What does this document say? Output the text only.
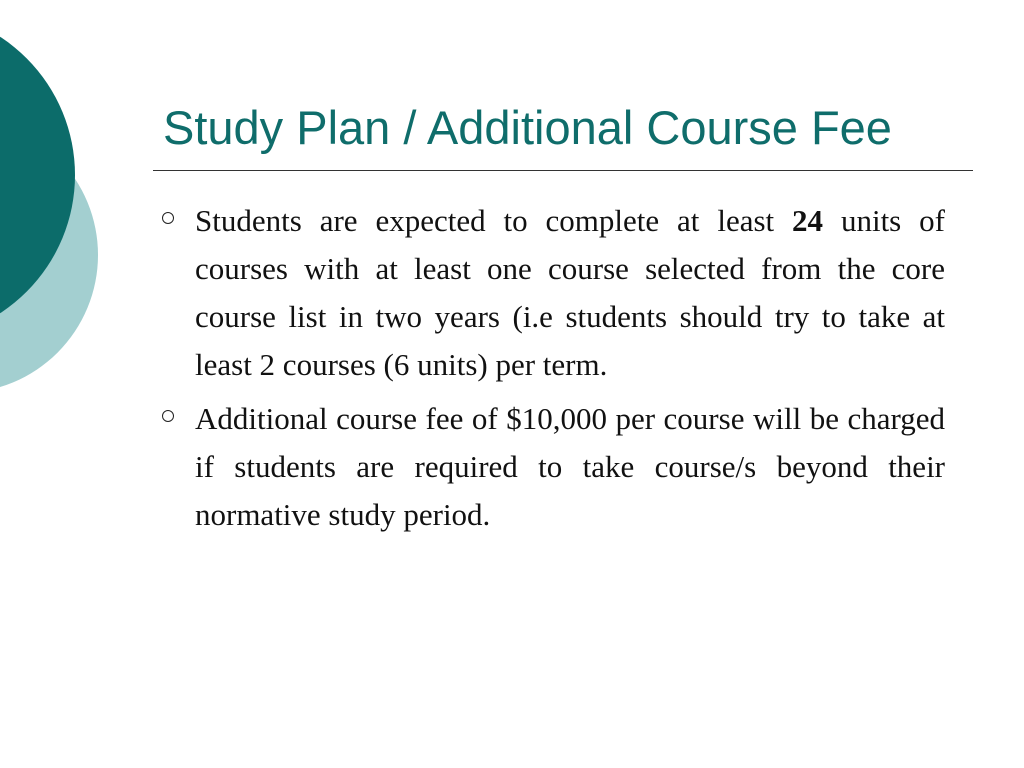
Study Plan / Additional Course Fee
Students are expected to complete at least 24 units of courses with at least one course selected from the core course list in two years (i.e students should try to take at least 2 courses (6 units) per term.
Additional course fee of $10,000 per course will be charged if students are required to take course/s beyond their normative study period.
